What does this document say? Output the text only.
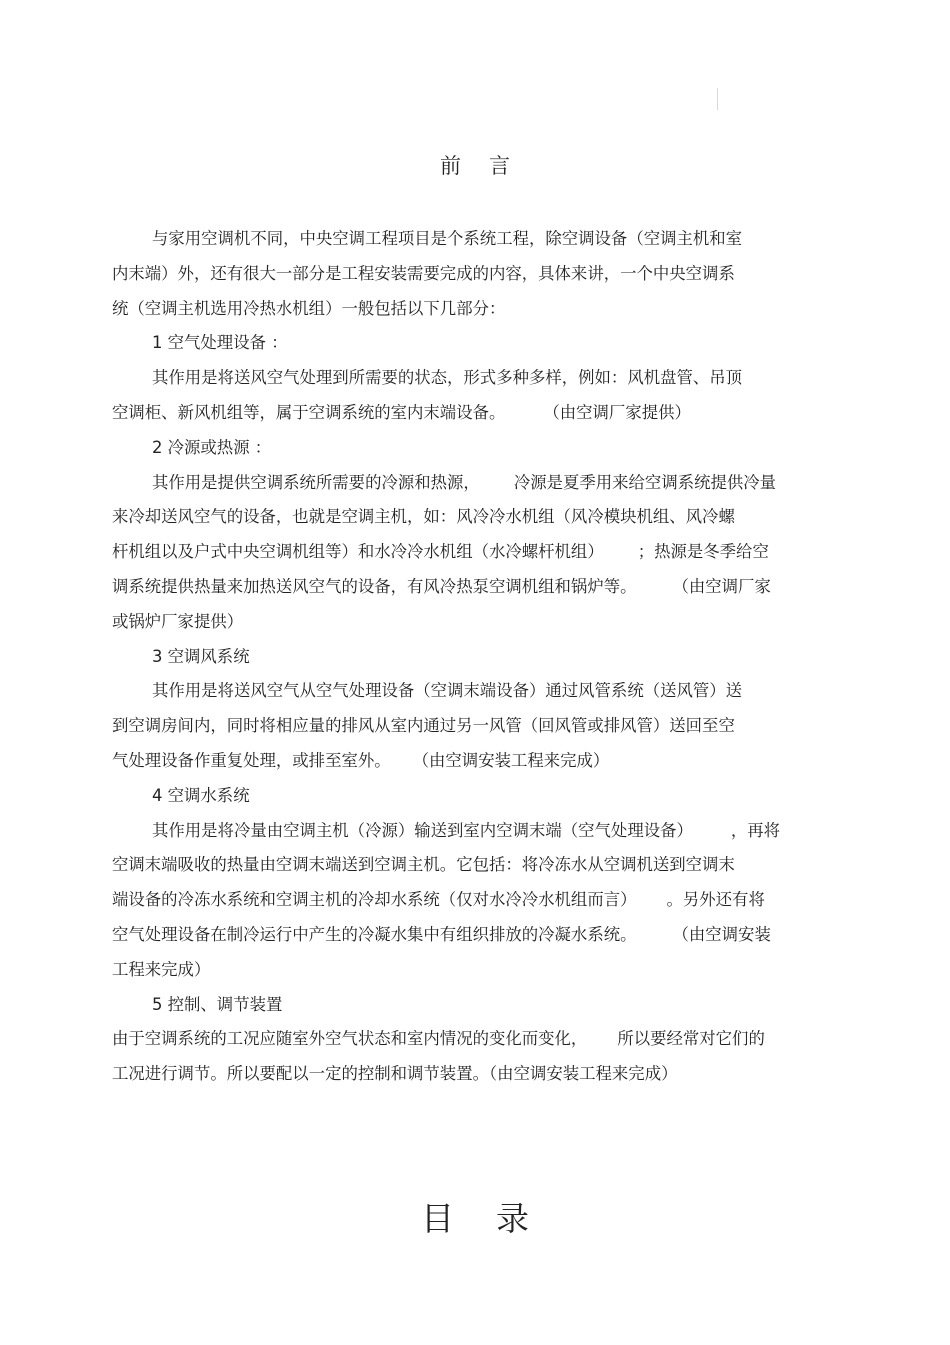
前言
与家用空调机不同，中央空调工程项目是个系统工程，除空调设备（空调主机和室
内末端）外，还有很大一部分是工程安装需要完成的内容，具体来讲，一个中央空调系
统（空调主机选用冷热水机组）一般包括以下几部分：
1 空气处理设备 ：
其作用是将送风空气处理到所需要的状态，形式多种多样，例如：风机盘管、吊顶
空调柜、新风机组等，属于空调系统的室内末端设备。 （由空调厂家提供）
2 冷源或热源 ：
其作用是提供空调系统所需要的冷源和热源， 冷源是夏季用来给空调系统提供冷量
来冷却送风空气的设备，也就是空调主机，如：风冷冷水机组（风冷模块机组、风冷螺
杆机组以及户式中央空调机组等）和水冷冷水机组（水冷螺杆机组） ；热源是冬季给空
调系统提供热量来加热送风空气的设备，有风冷热泵空调机组和锅炉等。 （由空调厂家
或锅炉厂家提供）
3 空调风系统
其作用是将送风空气从空气处理设备（空调末端设备）通过风管系统（送风管）送
到空调房间内，同时将相应量的排风从室内通过另一风管（回风管或排风管）送回至空
气处理设备作重复处理，或排至室外。 （由空调安装工程来完成）
4 空调水系统
其作用是将冷量由空调主机（冷源）输送到室内空调末端（空气处理设备） ，再将
空调末端吸收的热量由空调末端送到空调主机。它包括：将冷冻水从空调机送到空调末
端设备的冷冻水系统和空调主机的冷却水系统（仅对水冷冷水机组而言） 。另外还有将
空气处理设备在制冷运行中产生的冷凝水集中有组织排放的冷凝水系统。 （由空调安装
工程来完成）
5 控制、调节装置
由于空调系统的工况应随室外空气状态和室内情况的变化而变化， 所以要经常对它们的
工况进行调节。所以要配以一定的控制和调节装置。（由空调安装工程来完成）
目录
